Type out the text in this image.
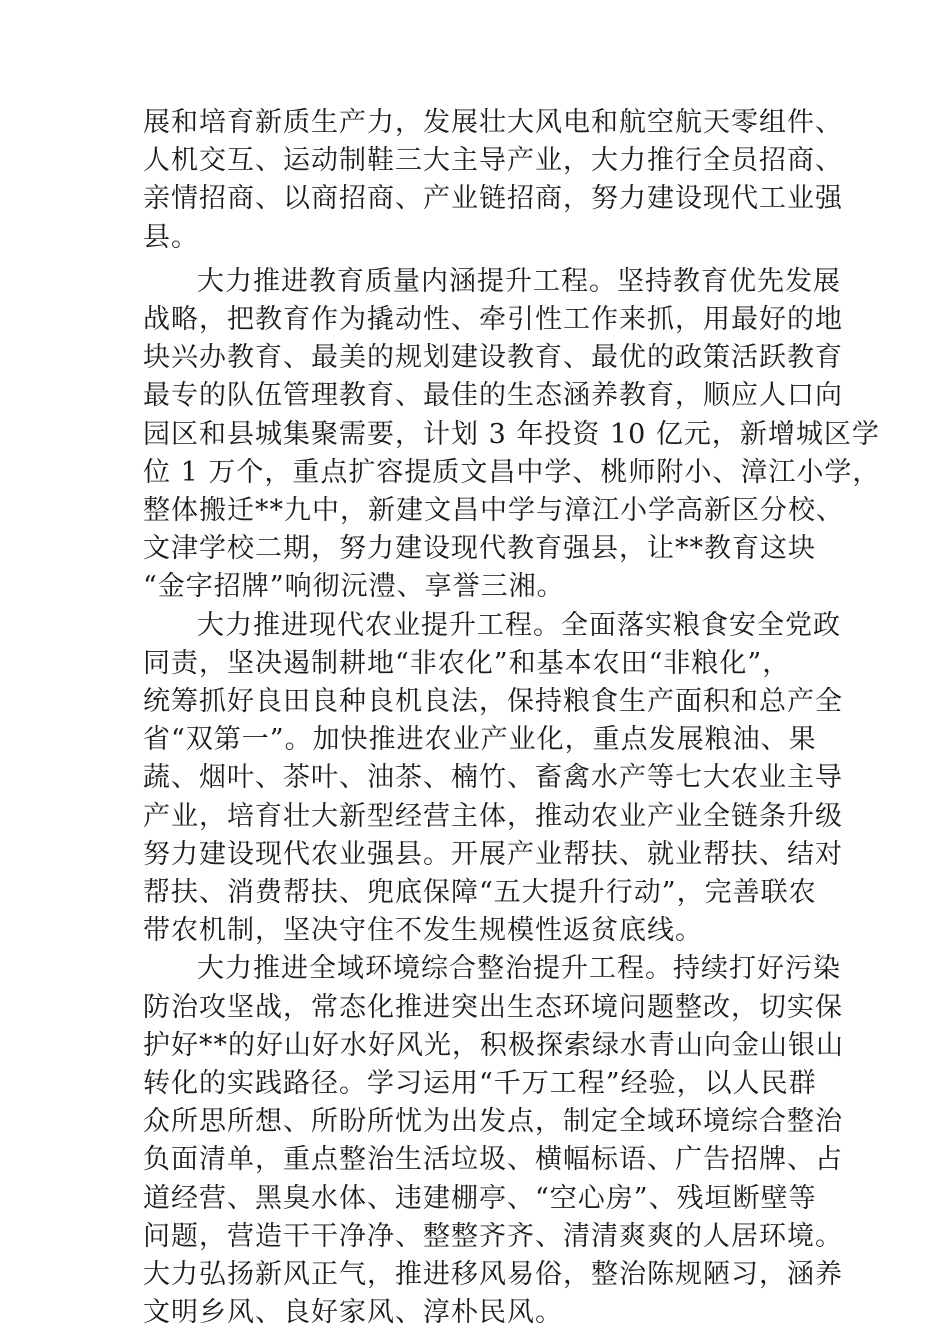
展和培育新质生产力，发展壮大风电和航空航天零组件、
人机交互、运动制鞋三大主导产业，大力推行全员招商、
亲情招商、以商招商、产业链招商，努力建设现代工业强
县。
大力推进教育质量内涵提升工程。坚持教育优先发展
战略，把教育作为撬动性、牵引性工作来抓，用最好的地
块兴办教育、最美的规划建设教育、最优的政策活跃教育
最专的队伍管理教育、最佳的生态涵养教育，顺应人口向
园区和县城集聚需要，计划 3 年投资 10 亿元，新增城区学
位 1 万个，重点扩容提质文昌中学、桃师附小、漳江小学，
整体搬迁**九中，新建文昌中学与漳江小学高新区分校、
文津学校二期，努力建设现代教育强县，让**教育这块
“金字招牌”响彻沅澧、享誉三湘。
大力推进现代农业提升工程。全面落实粮食安全党政
同责，坚决遏制耕地“非农化”和基本农田“非粮化”，
统筹抓好良田良种良机良法，保持粮食生产面积和总产全
省“双第一”。加快推进农业产业化，重点发展粮油、果
蔬、烟叶、茶叶、油茶、楠竹、畜禽水产等七大农业主导
产业，培育壮大新型经营主体，推动农业产业全链条升级
努力建设现代农业强县。开展产业帮扶、就业帮扶、结对
帮扶、消费帮扶、兜底保障“五大提升行动”，完善联农
带农机制，坚决守住不发生规模性返贫底线。
大力推进全域环境综合整治提升工程。持续打好污染
防治攻坚战，常态化推进突出生态环境问题整改，切实保
护好**的好山好水好风光，积极探索绿水青山向金山银山
转化的实践路径。学习运用“千万工程”经验，以人民群
众所思所想、所盼所忧为出发点，制定全域环境综合整治
负面清单，重点整治生活垃圾、横幅标语、广告招牌、占
道经营、黑臭水体、违建棚亭、“空心房”、残垣断壁等
问题，营造干干净净、整整齐齐、清清爽爽的人居环境。
大力弘扬新风正气，推进移风易俗，整治陈规陋习，涵养
文明乡风、良好家风、淳朴民风。
